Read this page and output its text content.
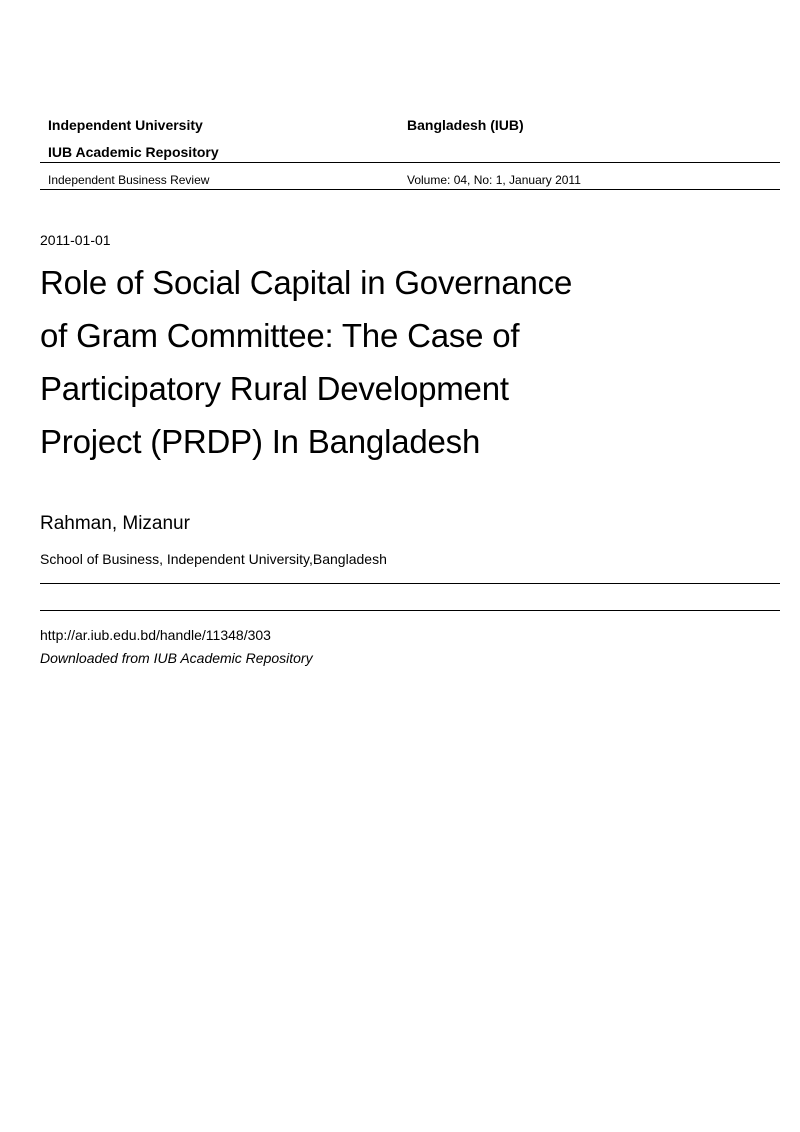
Independent University	Bangladesh (IUB)
IUB Academic Repository
Independent Business Review	Volume: 04, No: 1, January 2011
2011-01-01
Role of Social Capital in Governance
of Gram Committee: The Case of
Participatory Rural Development
Project (PRDP) In Bangladesh
Rahman, Mizanur
School of Business, Independent University,Bangladesh
http://ar.iub.edu.bd/handle/11348/303
Downloaded from IUB Academic Repository
